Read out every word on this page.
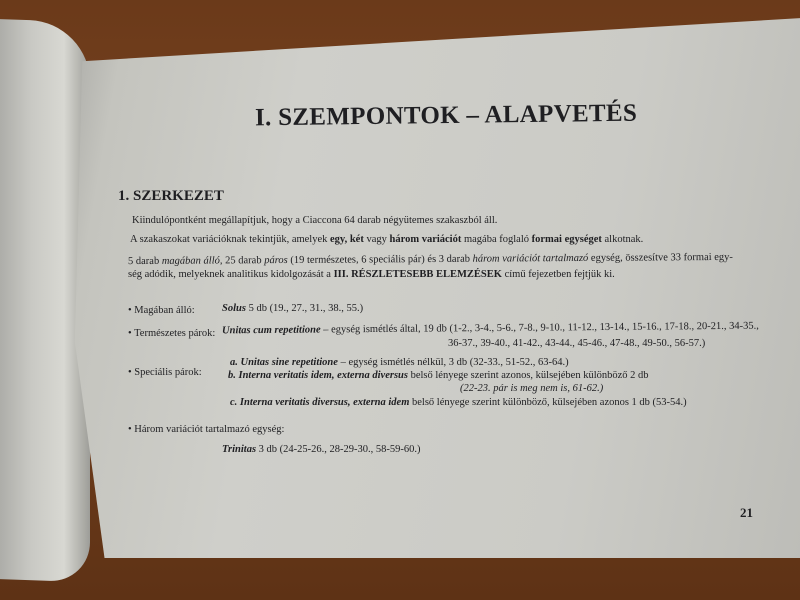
I. SZEMPONTOK – ALAPVETÉS
1. SZERKEZET
Kiindulópontként megállapítjuk, hogy a Ciaccona 64 darab négyütemes szakaszból áll.
A szakaszokat variációknak tekintjük, amelyek egy, két vagy három variációt magába foglaló formai egységet alkotnak.
5 darab magában álló, 25 darab páros (19 természetes, 6 speciális pár) és 3 darab három variációt tartalmazó egység, összesítve 33 formai egy-
ség adódik, melyeknek analitikus kidolgozását a III. RÉSZLETESEBB ELEMZÉSEK című fejezetben fejtjük ki.
• Magában álló:	Solus 5 db (19., 27., 31., 38., 55.)
• Természetes párok: Unitas cum repetitione – egység ismétlés által, 19 db (1-2., 3-4., 5-6., 7-8., 9-10., 11-12., 13-14., 15-16., 17-18., 20-21., 34-35.,
36-37., 39-40., 41-42., 43-44., 45-46., 47-48., 49-50., 56-57.)
• Speciális párok:
a. Unitas sine repetitione – egység ismétlés nélkül, 3 db (32-33., 51-52., 63-64.)
b. Interna veritatis idem, externa diversus belső lényege szerint azonos, külsejében különböző 2 db
(22-23. pár is meg nem is, 61-62.)
c. Interna veritatis diversus, externa idem belső lényege szerint különböző, külsejében azonos 1 db (53-54.)
• Három variációt tartalmazó egység:
Trinitas 3 db (24-25-26., 28-29-30., 58-59-60.)
21
